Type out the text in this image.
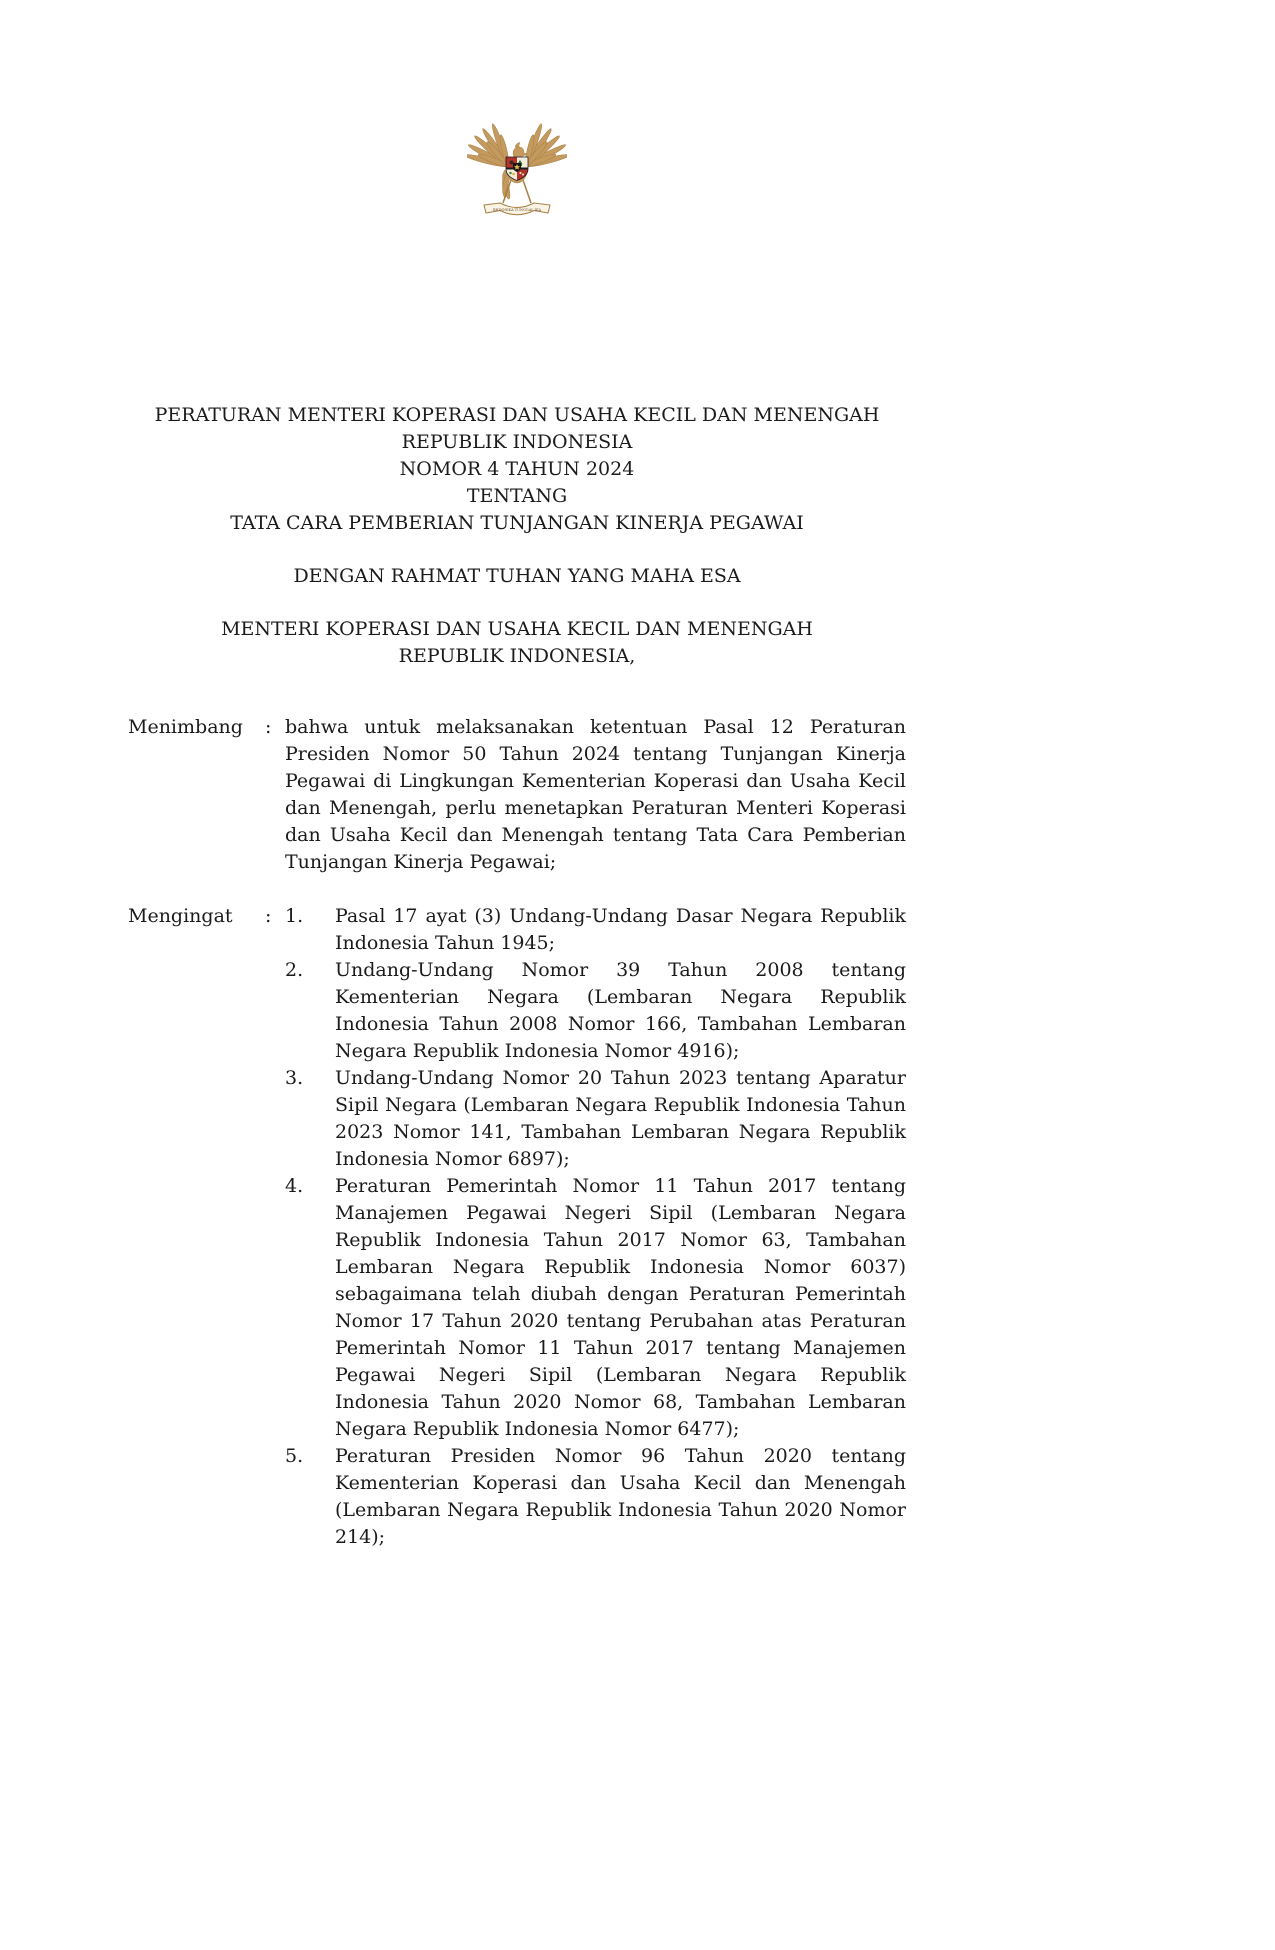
BHINNEKA TUNGGAL IKA
PERATURAN MENTERI KOPERASI DAN USAHA KECIL DAN MENENGAH
REPUBLIK INDONESIA
NOMOR 4 TAHUN 2024
TENTANG
TATA CARA PEMBERIAN TUNJANGAN KINERJA PEGAWAI
DENGAN RAHMAT TUHAN YANG MAHA ESA
MENTERI KOPERASI DAN USAHA KECIL DAN MENENGAH
REPUBLIK INDONESIA,
Menimbang	: bahwa untuk melaksanakan ketentuan Pasal 12 Peraturan Presiden Nomor 50 Tahun 2024 tentang Tunjangan Kinerja Pegawai di Lingkungan Kementerian Koperasi dan Usaha Kecil dan Menengah, perlu menetapkan Peraturan Menteri Koperasi dan Usaha Kecil dan Menengah tentang Tata Cara Pemberian Tunjangan Kinerja Pegawai;
Mengingat	: 1.	Pasal 17 ayat (3) Undang-Undang Dasar Negara Republik Indonesia Tahun 1945;
2.	Undang-Undang Nomor 39 Tahun 2008 tentang Kementerian Negara (Lembaran Negara Republik Indonesia Tahun 2008 Nomor 166, Tambahan Lembaran Negara Republik Indonesia Nomor 4916);
3.	Undang-Undang Nomor 20 Tahun 2023 tentang Aparatur Sipil Negara (Lembaran Negara Republik Indonesia Tahun 2023 Nomor 141, Tambahan Lembaran Negara Republik Indonesia Nomor 6897);
4.	Peraturan Pemerintah Nomor 11 Tahun 2017 tentang Manajemen Pegawai Negeri Sipil (Lembaran Negara Republik Indonesia Tahun 2017 Nomor 63, Tambahan Lembaran Negara Republik Indonesia Nomor 6037) sebagaimana telah diubah dengan Peraturan Pemerintah Nomor 17 Tahun 2020 tentang Perubahan atas Peraturan Pemerintah Nomor 11 Tahun 2017 tentang Manajemen Pegawai Negeri Sipil (Lembaran Negara Republik Indonesia Tahun 2020 Nomor 68, Tambahan Lembaran Negara Republik Indonesia Nomor 6477);
5.	Peraturan Presiden Nomor 96 Tahun 2020 tentang Kementerian Koperasi dan Usaha Kecil dan Menengah (Lembaran Negara Republik Indonesia Tahun 2020 Nomor 214);
